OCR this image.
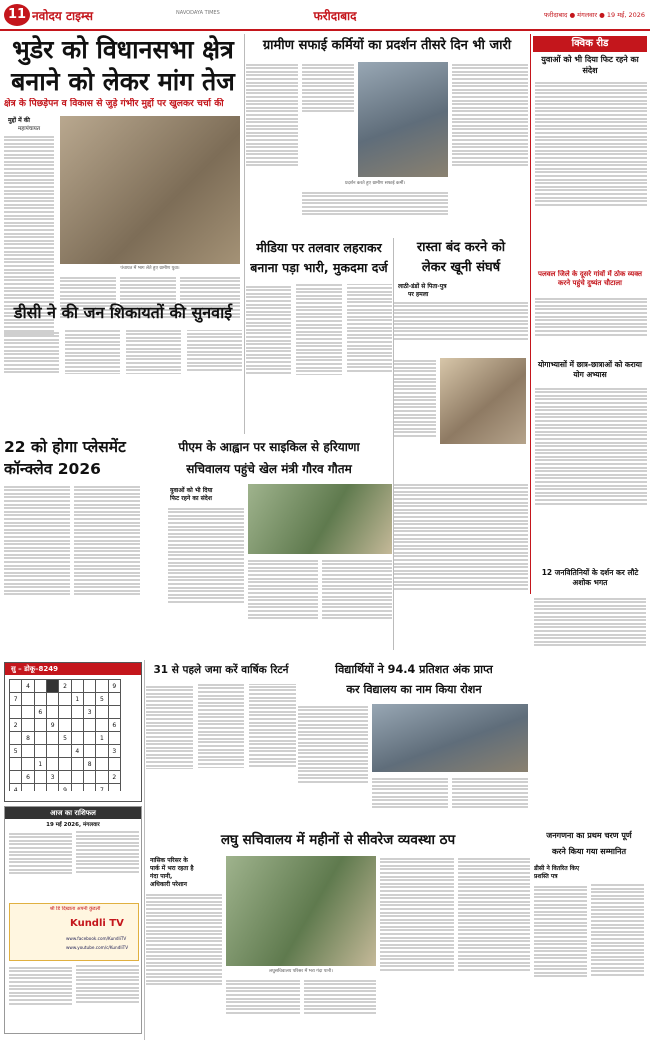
11 नवोदय टाइम्स	NAVODAYA TIMES	फरीदाबाद	फरीदाबाद ● मंगलवार ● 19 मई, 2026
भुडेर को विधानसभा क्षेत्र
बनाने को लेकर मांग तेज
क्षेत्र के पिछड़ेपन व विकास से जुड़े गंभीर मुद्दों पर खुलकर चर्चा की
मुद्दों में की
महापंचायत
पंचायत में भाग लेते हुए ग्रामीण युवा।
ग्रामीण सफाई कर्मियों का प्रदर्शन तीसरे दिन भी जारी
प्रदर्शन करते हुए ग्रामीण सफाई कर्मी।
क्विक रीड
युवाओं को भी दिया फिट रहने का संदेश
पलवल जिले के दूसरे गांवों में ठोक व्यक्त करने पहुंचे दुष्यंत चौटाला
योगाभ्यासों में छात्र-छात्राओं को कराया योग अभ्यास
12 जनवितिनियों के दर्शन कर लौटे अशोक भगत
डीसी ने की जन शिकायतों की सुनवाई
मीडिया पर तलवार लहराकर
बनाना पड़ा भारी, मुकदमा दर्ज
रास्ता बंद करने को
लेकर खूनी संघर्ष
लाठी-डंडों से पिता-पुत्र
पर हमला
22 को होगा प्लेसमेंट
कॉन्क्लेव 2026
पीएम के आह्वान पर साइकिल से हरियाणा
सचिवालय पहुंचे खेल मंत्री गौरव गौतम
युवाओं को भी दिया
फिट रहने का संदेश
सु – डोकू–8249
	4			2				9
7					1		5	
		6				3		
2			9					6
	8			5			1	
5					4			3
		1				8		
	6		3					2
4				9			7	
आज का राशिफल
19 मई 2026, मंगलवार
श्री डि दिखाता अपनी कुंडली
Kundli TV
www.facebook.com/KundliTV
www.youtube.com/c/KundliTV
31 से पहले जमा करें वार्षिक रिटर्न	विद्यार्थियों ने 94.4 प्रतिशत अंक प्राप्त
कर विद्यालय का नाम किया रोशन
लघु सचिवालय में महीनों से सीवरेज व्यवस्था ठप
नासिक परिसर के
पार्क में भरा रहता है
गंदा पानी,
अधिकारी परेशान
लघुसचिवालय परिसर में भरा गंदा पानी।
जनगणना का प्रथम चरण पूर्ण
करने किया गया सम्मानित
डीसी ने वितरित किए
प्रशस्ति पत्र
